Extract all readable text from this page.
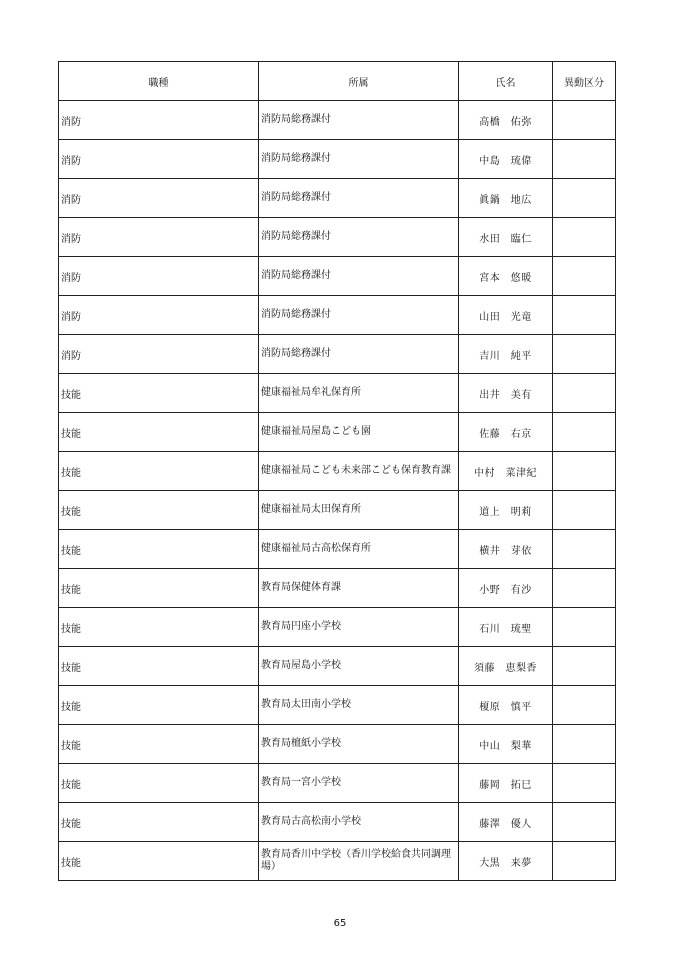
職種	所属	氏名	異動区分
消防	消防局総務課付	高橋　佑弥	
消防	消防局総務課付	中島　琉偉	
消防	消防局総務課付	眞鍋　地広	
消防	消防局総務課付	水田　臨仁	
消防	消防局総務課付	宮本　悠暖	
消防	消防局総務課付	山田　光竜	
消防	消防局総務課付	吉川　純平	
技能	健康福祉局牟礼保育所	出井　美有	
技能	健康福祉局屋島こども園	佐藤　右京	
技能	健康福祉局こども未来部こども保育教育課	中村　菜津紀	
技能	健康福祉局太田保育所	道上　明莉	
技能	健康福祉局古高松保育所	横井　芽依	
技能	教育局保健体育課	小野　有沙	
技能	教育局円座小学校	石川　琉聖	
技能	教育局屋島小学校	須藤　恵梨香	
技能	教育局太田南小学校	榎原　慎平	
技能	教育局檀紙小学校	中山　梨華	
技能	教育局一宮小学校	藤岡　拓巳	
技能	教育局古高松南小学校	藤澤　優人	
技能	教育局香川中学校（香川学校給食共同調理場）	大黒　来夢	
65
